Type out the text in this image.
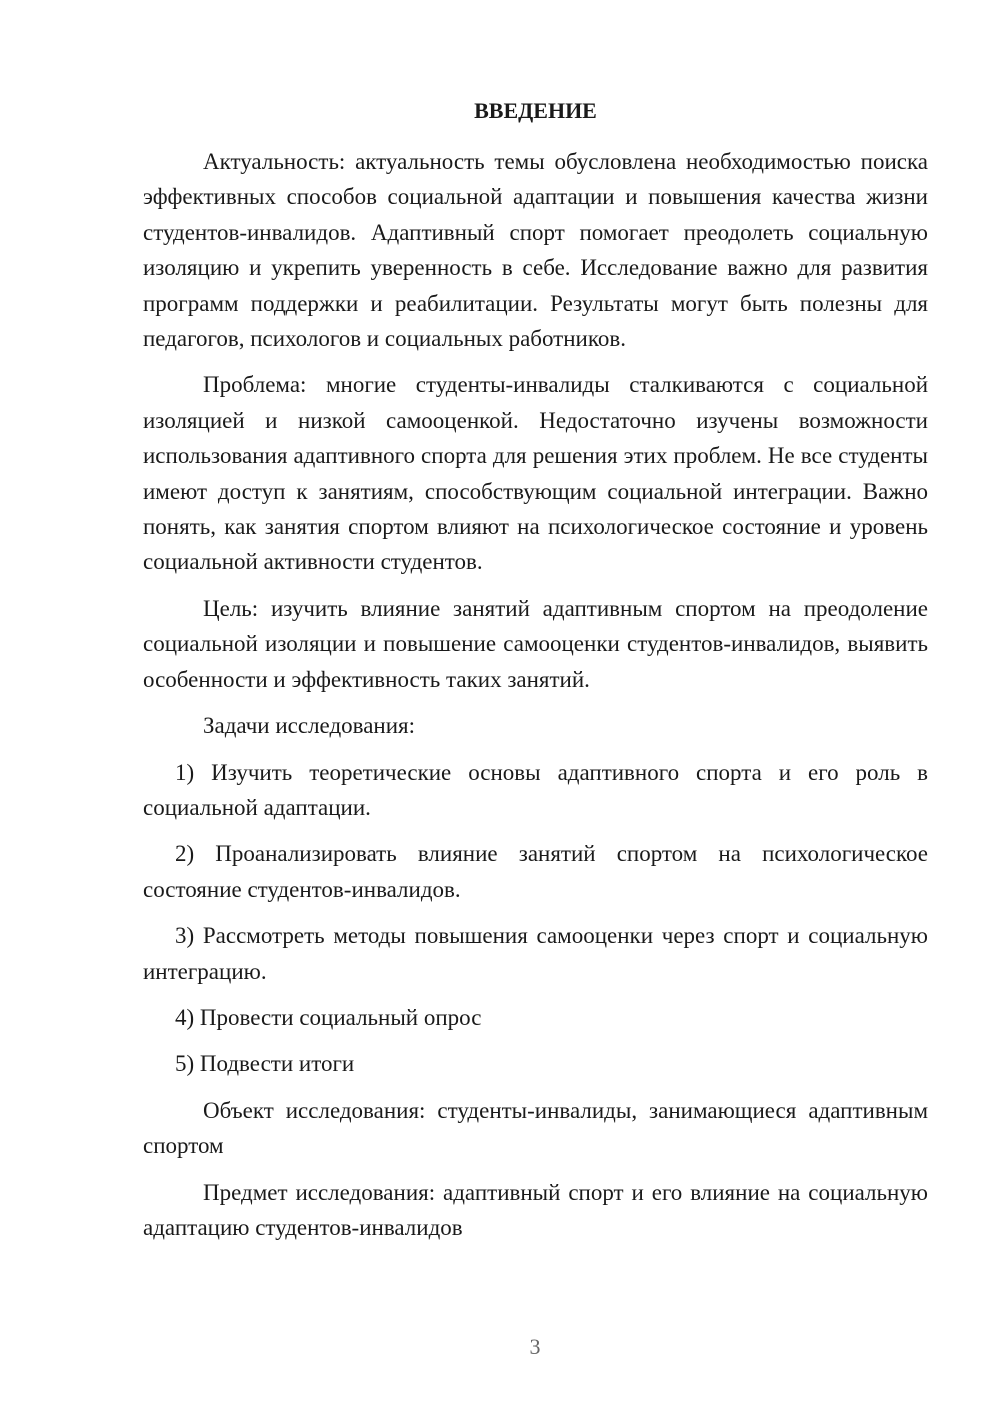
ВВЕДЕНИЕ

Актуальность: актуальность темы обусловлена необходимостью поиска эффективных способов социальной адаптации и повышения качества жизни студентов-инвалидов. Адаптивный спорт помогает преодолеть социальную изоляцию и укрепить уверенность в себе. Исследование важно для развития программ поддержки и реабилитации. Результаты могут быть полезны для педагогов, психологов и социальных работников.

Проблема: многие студенты-инвалиды сталкиваются с социальной изоляцией и низкой самооценкой. Недостаточно изучены возможности использования адаптивного спорта для решения этих проблем. Не все студенты имеют доступ к занятиям, способствующим социальной интеграции. Важно понять, как занятия спортом влияют на психологическое состояние и уровень социальной активности студентов.

Цель: изучить влияние занятий адаптивным спортом на преодоление социальной изоляции и повышение самооценки студентов-инвалидов, выявить особенности и эффективность таких занятий.

Задачи исследования:

1) Изучить теоретические основы адаптивного спорта и его роль в социальной адаптации.

2) Проанализировать влияние занятий спортом на психологическое состояние студентов-инвалидов.

3) Рассмотреть методы повышения самооценки через спорт и социальную интеграцию.

4) Провести социальный опрос

5) Подвести итоги

Объект исследования: студенты-инвалиды, занимающиеся адаптивным спортом

Предмет исследования: адаптивный спорт и его влияние на социальную адаптацию студентов-инвалидов

3
